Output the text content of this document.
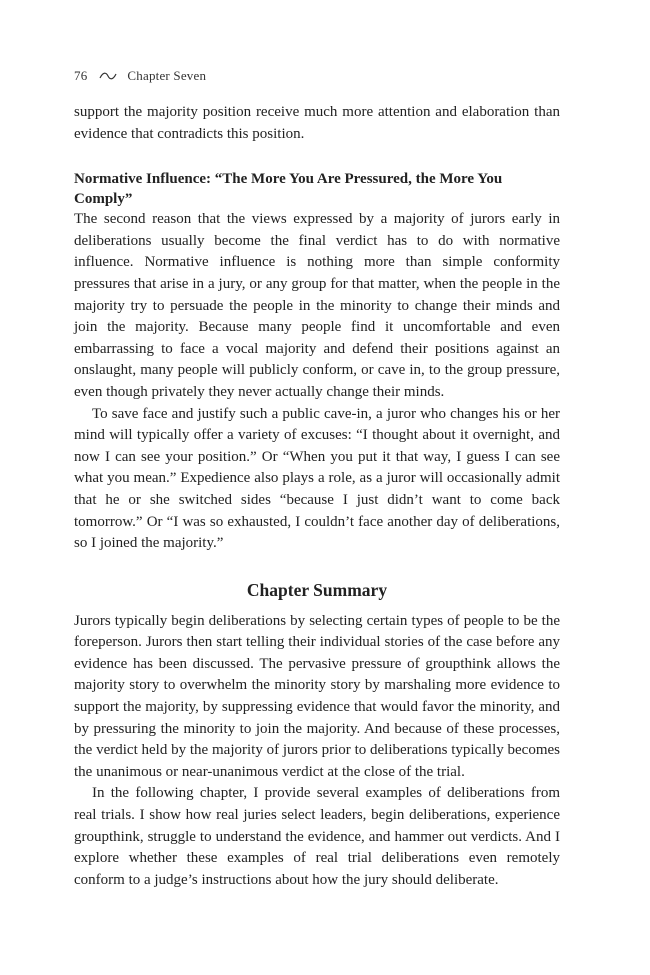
76	Chapter Seven

support the majority position receive much more attention and elaboration than evidence that contradicts this position.

Normative Influence: “The More You Are Pressured, the More You Comply”

The second reason that the views expressed by a majority of jurors early in deliberations usually become the final verdict has to do with normative influence. Normative influence is nothing more than simple conformity pressures that arise in a jury, or any group for that matter, when the people in the majority try to persuade the people in the minority to change their minds and join the majority. Because many people find it uncomfortable and even embarrassing to face a vocal majority and defend their positions against an onslaught, many people will publicly conform, or cave in, to the group pressure, even though privately they never actually change their minds.

To save face and justify such a public cave-in, a juror who changes his or her mind will typically offer a variety of excuses: “I thought about it overnight, and now I can see your position.” Or “When you put it that way, I guess I can see what you mean.” Expedience also plays a role, as a juror will occasionally admit that he or she switched sides “because I just didn’t want to come back tomorrow.” Or “I was so exhausted, I couldn’t face another day of deliberations, so I joined the majority.”

Chapter Summary

Jurors typically begin deliberations by selecting certain types of people to be the foreperson. Jurors then start telling their individual stories of the case before any evidence has been discussed. The pervasive pressure of groupthink allows the majority story to overwhelm the minority story by marshaling more evidence to support the majority, by suppressing evidence that would favor the minority, and by pressuring the minority to join the majority. And because of these processes, the verdict held by the majority of jurors prior to deliberations typically becomes the unanimous or near-unanimous verdict at the close of the trial.

In the following chapter, I provide several examples of deliberations from real trials. I show how real juries select leaders, begin deliberations, experience groupthink, struggle to understand the evidence, and hammer out verdicts. And I explore whether these examples of real trial deliberations even remotely conform to a judge’s instructions about how the jury should deliberate.
